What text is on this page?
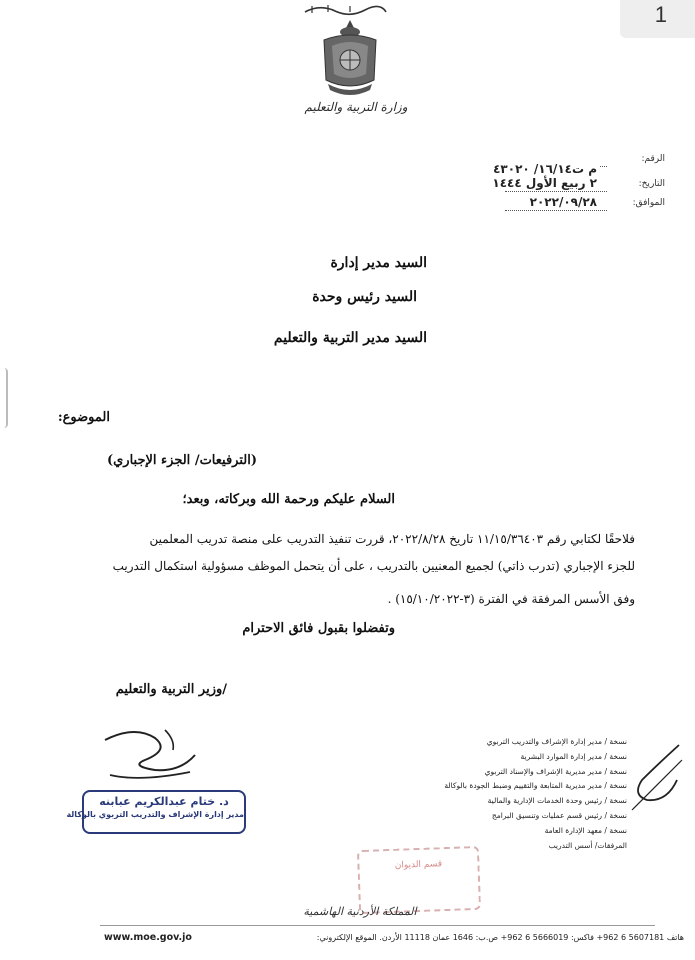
1
وزارة التربية والتعليم
الرقم:
م ت١٦/١٤/ ٤٣٠٢٠
التاريخ:
٢ ربيع الأول ١٤٤٤
الموافق:
٢٠٢٢/٠٩/٢٨
السيد مدير إدارة
السيد رئيس وحدة
السيد مدير التربية والتعليم
الموضوع:
(الترفيعات/ الجزء الإجباري)
السلام عليكم ورحمة الله وبركاته، وبعد؛
فلاحقًا لكتابي رقم ١١/١٥/٣٦٤٠٣ تاريخ ٢٠٢٢/٨/٢٨، قررت تنفيذ التدريب على منصة تدريب المعلمين
للجزء الإجباري (تدرب ذاتي) لجميع المعنيين بالتدريب ، على أن يتحمل الموظف مسؤولية استكمال التدريب
وفق الأسس المرفقة في الفترة (٣-١٥/١٠/٢٠٢٢) .
وتفضلوا بقبول فائق الاحترام
/وزير التربية والتعليم
د. ختام عبدالكريم عبابنه
مدير إدارة الإشراف والتدريب التربوي بالوكالة
نسخة / مدير إدارة الإشراف والتدريب التربوي
نسخة / مدير إدارة الموارد البشرية
نسخة / مدير مديرية الإشراف والإسناد التربوي
نسخة / مدير مديرية المتابعة والتقييم وضبط الجودة بالوكالة
نسخة / رئيس وحدة الخدمات الإدارية والمالية
نسخة / رئيس قسم عمليات وتنسيق البرامج
نسخة / معهد الإدارة العامة
المرفقات/ أسس التدريب
قسم الديوان
المملكة الأردنية الهاشمية
www.moe.gov.jo	هاتف 5607181 6 962+ فاكس: 5666019 6 962+ ص.ب: 1646 عمان 11118 الأردن. الموقع الإلكتروني:
